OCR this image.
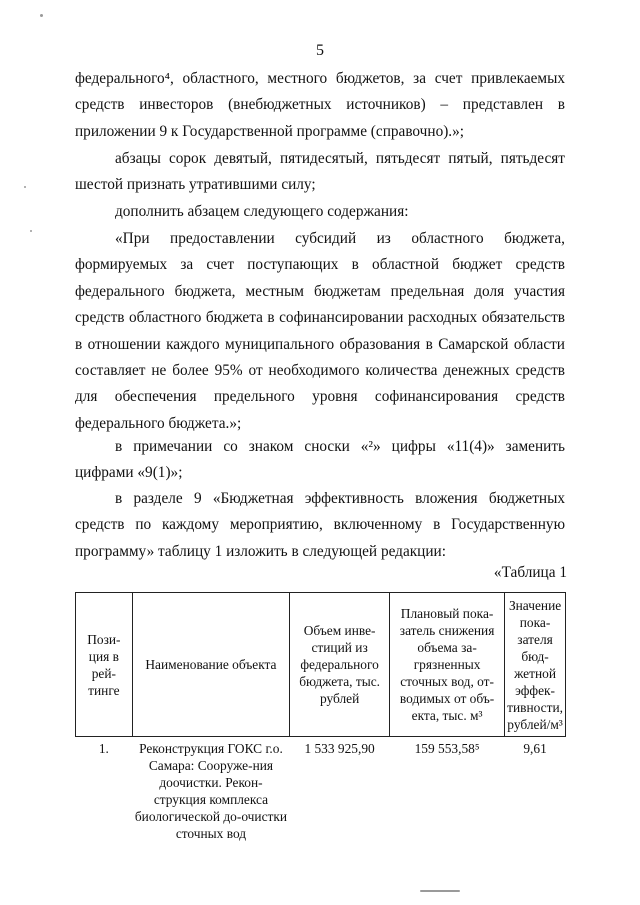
5

федерального⁴, областного, местного бюджетов, за счет привлекаемых средств инвесторов (внебюджетных источников) – представлен в приложении 9 к Государственной программе (справочно).»;

абзацы сорок девятый, пятидесятый, пятьдесят пятый, пятьдесят шестой признать утратившими силу;

дополнить абзацем следующего содержания:

«При предоставлении субсидий из областного бюджета, формируемых за счет поступающих в областной бюджет средств федерального бюджета, местным бюджетам предельная доля участия средств областного бюджета в софинансировании расходных обязательств в отношении каждого муниципального образования в Самарской области составляет не более 95% от необходимого количества денежных средств для обеспечения предельного уровня софинансирования средств федерального бюджета.»;

в примечании со знаком сноски «²» цифры «11(4)» заменить цифрами «9(1)»;

в разделе 9 «Бюджетная эффективность вложения бюджетных средств по каждому мероприятию, включенному в Государственную программу» таблицу 1 изложить в следующей редакции:

«Таблица 1
Пози-ция в рей-тинге	Наименование объекта	Объем инве-стиций из федерального бюджета, тыс. рублей	Плановый пока-затель снижения объема за-грязненных сточных вод, от-водимых от объ-екта, тыс. м³	Значение пока-зателя бюд-жетной эффек-тивности, рублей/м³
1.	Реконструкция ГОКС г.о. Самара: Сооруже-ния доочистки. Рекон-струкция комплекса биологической до-очистки сточных вод	1 533 925,90	159 553,58⁵	9,61
